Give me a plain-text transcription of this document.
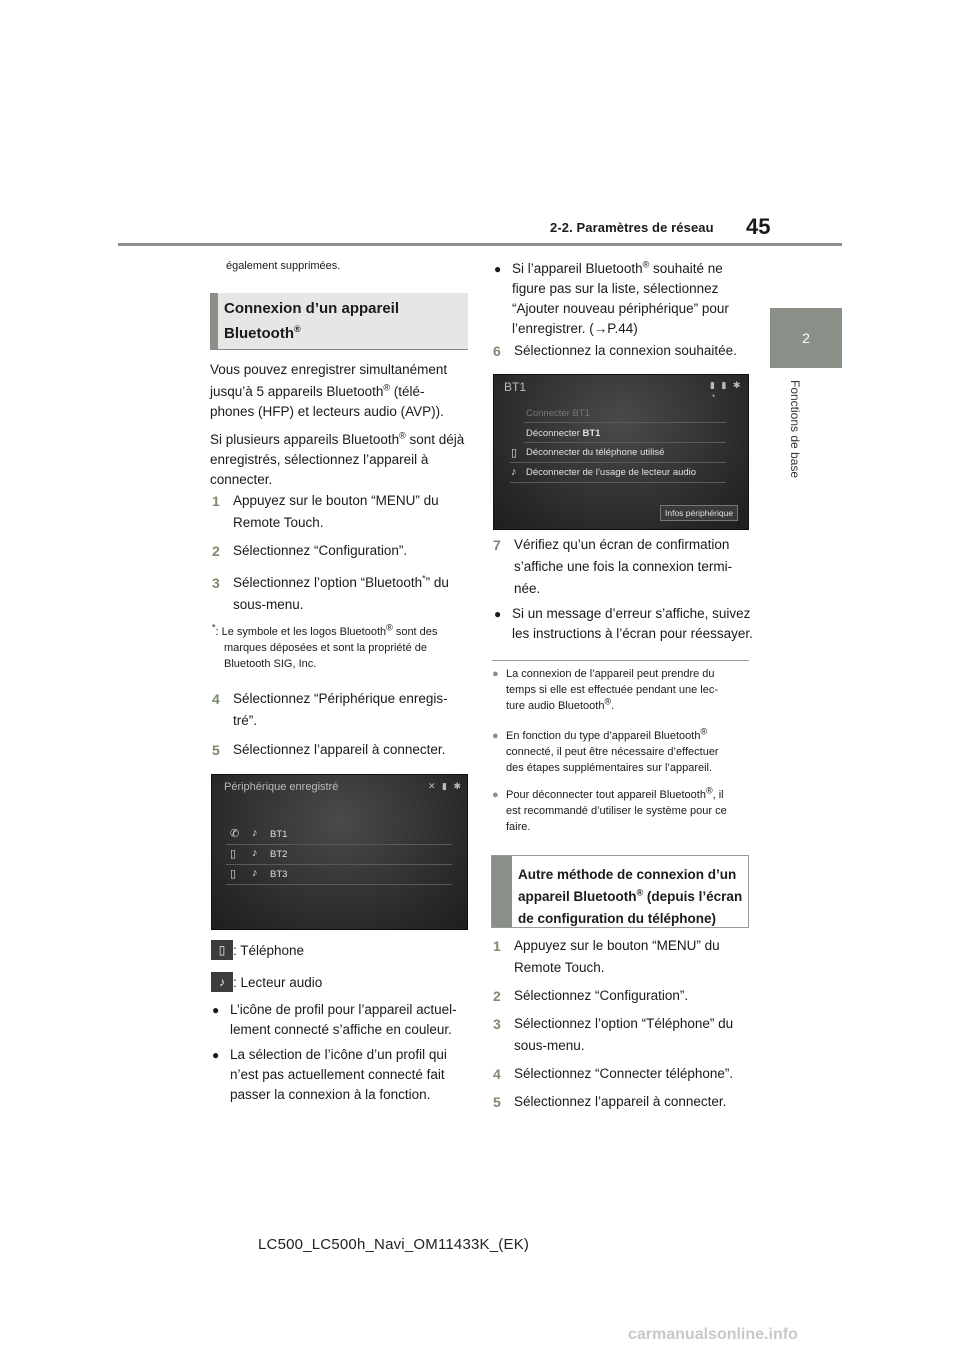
2-2. Paramètres de réseau 45
2
Fonctions de base
également supprimées.
Connexion d’un appareil
Bluetooth®
Vous pouvez enregistrer simultanément
jusqu’à 5 appareils Bluetooth® (télé-
phones (HFP) et lecteurs audio (AVP)).
Si plusieurs appareils Bluetooth® sont déjà
enregistrés, sélectionnez l’appareil à
connecter.
1 Appuyez sur le bouton “MENU” du
Remote Touch.
2 Sélectionnez “Configuration”.
3 Sélectionnez l’option “Bluetooth*” du
sous-menu.
*: Le symbole et les logos Bluetooth® sont des
marques déposées et sont la propriété de
Bluetooth SIG, Inc.
4 Sélectionnez “Périphérique enregis-
tré”.
5 Sélectionnez l’appareil à connecter.
Périphérique enregistré	✕ ▮ ✱
✆ ♪ BT1
▯ ♪ BT2
▯ ♪ BT3
▯ : Téléphone
♪ : Lecteur audio
● L’icône de profil pour l’appareil actuel-
lement connecté s’affiche en couleur.
● La sélection de l’icône d’un profil qui
n’est pas actuellement connecté fait
passer la connexion à la fonction.
● Si l’appareil Bluetooth® souhaité ne
figure pas sur la liste, sélectionnez
“Ajouter nouveau périphérique” pour
l’enregistrer. (→P.44)
6 Sélectionnez la connexion souhaitée.
BT1	▮ ▮ ✱ ◔
Connecter BT1
Déconnecter BT1
▯ Déconnecter du téléphone utilisé
♪ Déconnecter de l’usage de lecteur audio
Infos périphérique
7 Vérifiez qu’un écran de confirmation
s’affiche une fois la connexion termi-
née.
● Si un message d’erreur s’affiche, suivez
les instructions à l’écran pour réessayer.
● La connexion de l’appareil peut prendre du
temps si elle est effectuée pendant une lec-
ture audio Bluetooth®.
● En fonction du type d’appareil Bluetooth®
connecté, il peut être nécessaire d’effectuer
des étapes supplémentaires sur l’appareil.
● Pour déconnecter tout appareil Bluetooth®, il
est recommandé d’utiliser le système pour ce
faire.
Autre méthode de connexion d’un
appareil Bluetooth® (depuis l’écran
de configuration du téléphone)
1 Appuyez sur le bouton “MENU” du
Remote Touch.
2 Sélectionnez “Configuration”.
3 Sélectionnez l’option “Téléphone” du
sous-menu.
4 Sélectionnez “Connecter téléphone”.
5 Sélectionnez l’appareil à connecter.
LC500_LC500h_Navi_OM11433K_(EK)
carmanualsonline.info
